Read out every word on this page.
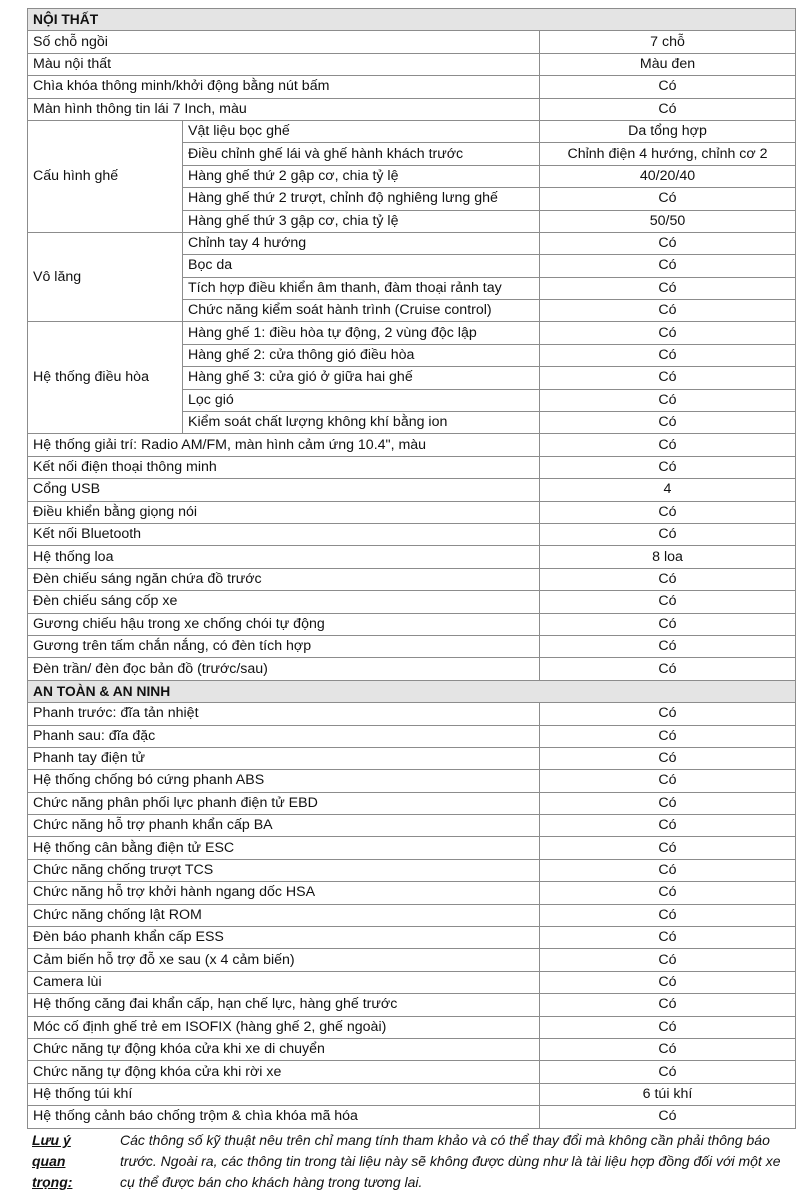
NỘI THẤT		
Số chỗ ngồi		7 chỗ
Màu nội thất		Màu đen
Chìa khóa thông minh/khởi động bằng nút bấm		Có
Màn hình thông tin lái 7 Inch, màu		Có
Cấu hình ghế	Vật liệu bọc ghế	Da tổng hợp
	Điều chỉnh ghế lái và ghế hành khách trước	Chỉnh điện 4 hướng, chỉnh cơ 2
	Hàng ghế thứ 2 gập cơ, chia tỷ lệ	40/20/40
	Hàng ghế thứ 2 trượt, chỉnh độ nghiêng lưng ghế	Có
	Hàng ghế thứ 3 gập cơ, chia tỷ lệ	50/50
Vô lăng	Chỉnh tay 4 hướng	Có
	Bọc da	Có
	Tích hợp điều khiển âm thanh, đàm thoại rảnh tay	Có
	Chức năng kiểm soát hành trình (Cruise control)	Có
Hệ thống điều hòa	Hàng ghế 1: điều hòa tự động, 2 vùng độc lập	Có
	Hàng ghế 2: cửa thông gió điều hòa	Có
	Hàng ghế 3: cửa gió ở giữa hai ghế	Có
	Lọc gió	Có
	Kiểm soát chất lượng không khí bằng ion	Có
Hệ thống giải trí: Radio AM/FM, màn hình cảm ứng 10.4", màu		Có
Kết nối điện thoại thông minh		Có
Cổng USB		4
Điều khiển bằng giọng nói		Có
Kết nối Bluetooth		Có
Hệ thống loa		8 loa
Đèn chiếu sáng ngăn chứa đồ trước		Có
Đèn chiếu sáng cốp xe		Có
Gương chiếu hậu trong xe chống chói tự động		Có
Gương trên tấm chắn nắng, có đèn tích hợp		Có
Đèn trần/ đèn đọc bản đồ (trước/sau)		Có
AN TOÀN & AN NINH		
Phanh trước: đĩa tản nhiệt		Có
Phanh sau: đĩa đặc		Có
Phanh tay điện tử		Có
Hệ thống chống bó cứng phanh ABS		Có
Chức năng phân phối lực phanh điện tử EBD		Có
Chức năng hỗ trợ phanh khẩn cấp BA		Có
Hệ thống cân bằng điện tử ESC		Có
Chức năng chống trượt TCS		Có
Chức năng hỗ trợ khởi hành ngang dốc HSA		Có
Chức năng chống lật ROM		Có
Đèn báo phanh khẩn cấp ESS		Có
Cảm biến hỗ trợ đỗ xe sau (x 4 cảm biến)		Có
Camera lùi		Có
Hệ thống căng đai khẩn cấp, hạn chế lực, hàng ghế trước		Có
Móc cố định ghế trẻ em ISOFIX (hàng ghế 2, ghế ngoài)		Có
Chức năng tự động khóa cửa khi xe di chuyển		Có
Chức năng tự động khóa cửa khi rời xe		Có
Hệ thống túi khí		6 túi khí
Hệ thống cảnh báo chống trộm & chìa khóa mã hóa		Có
Lưu ý
quan
trọng:
Các thông số kỹ thuật nêu trên chỉ mang tính tham khảo và có thể thay đổi mà không cần phải thông báo trước. Ngoài ra, các thông tin trong tài liệu này sẽ không được dùng như là tài liệu hợp đồng đối với một xe cụ thể được bán cho khách hàng trong tương lai.
